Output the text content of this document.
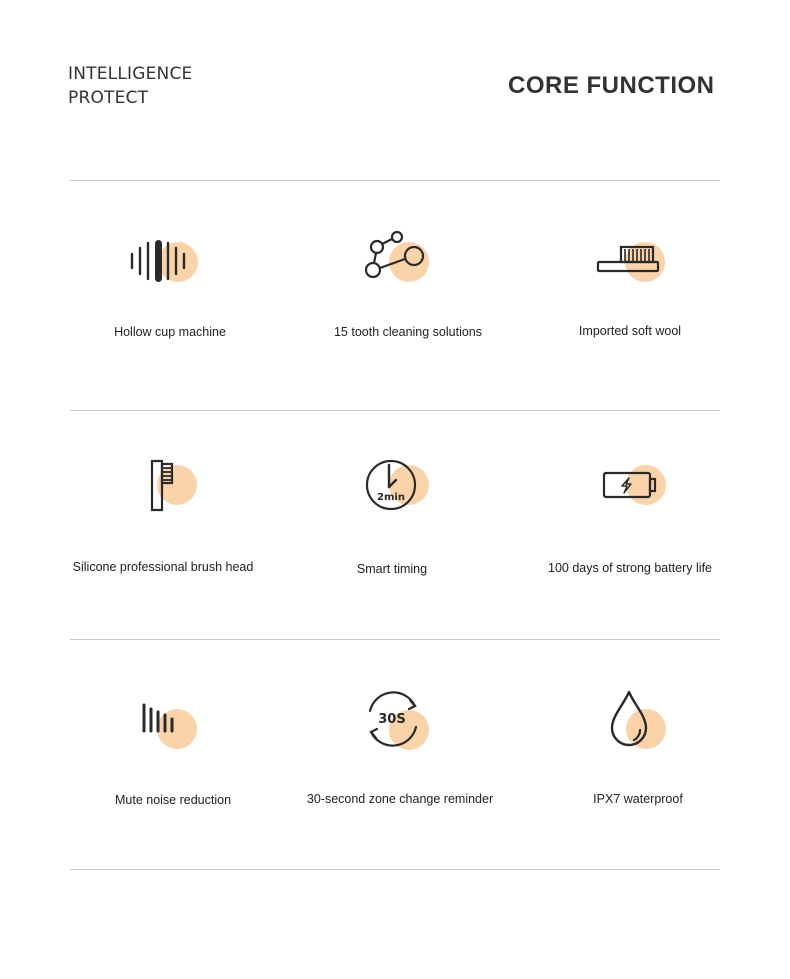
INTELLIGENCE
PROTECT	CORE FUNCTION
Hollow cup machine	15 tooth cleaning solutions	Imported soft wool
Silicone professional brush head
2min
Smart timing	100 days of strong battery life
Mute noise reduction
30S
30-second zone change reminder	IPX7 waterproof
